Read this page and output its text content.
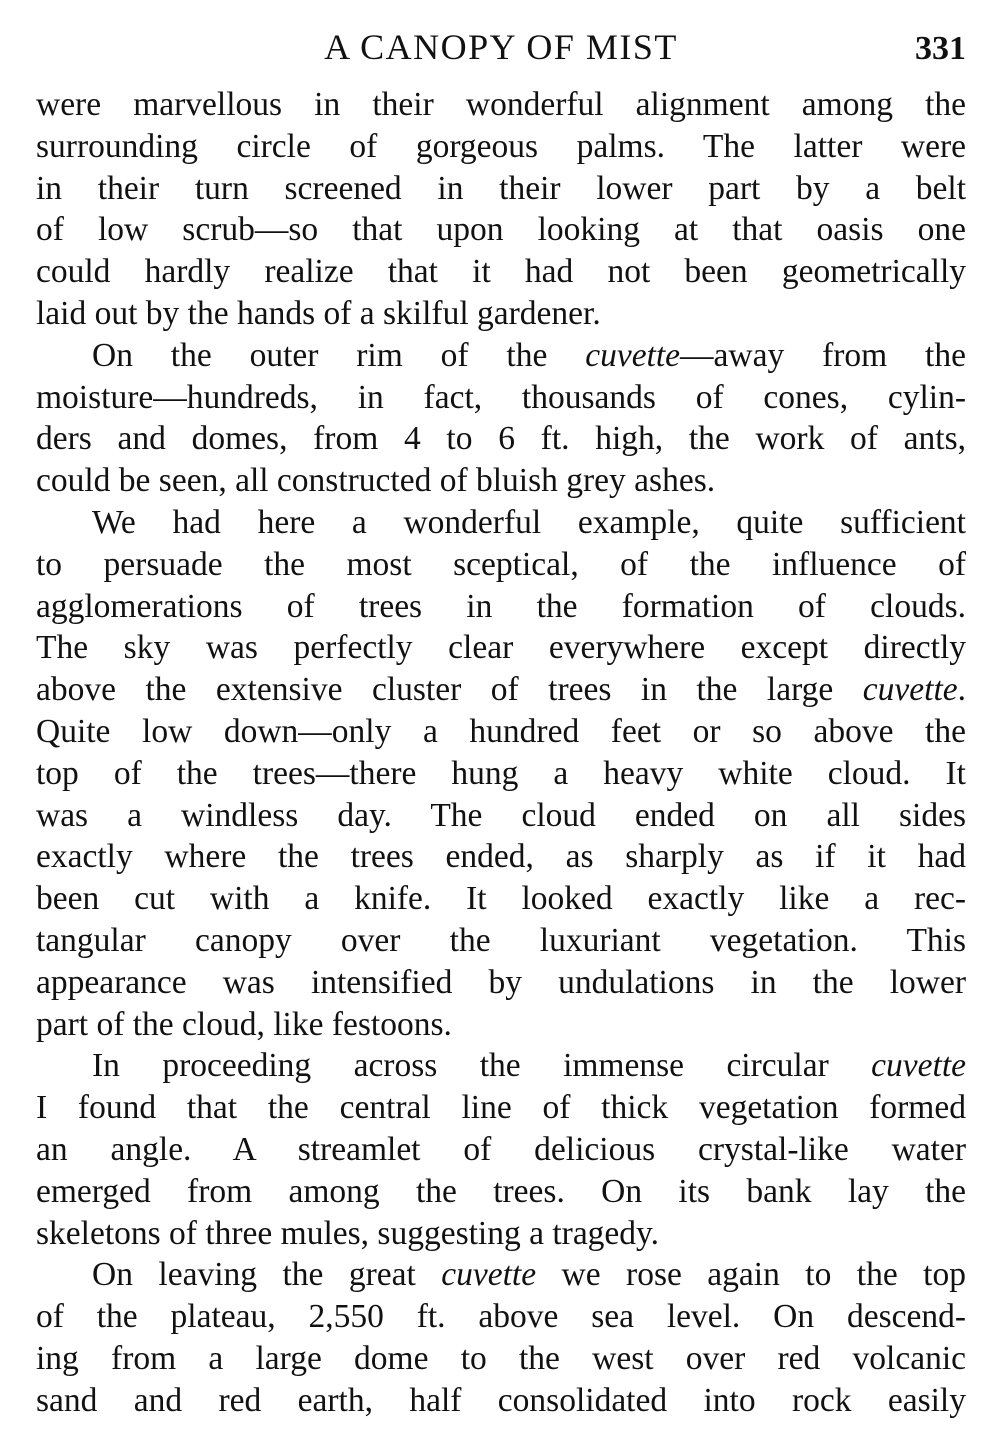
A CANOPY OF MIST	331
were marvellous in their wonderful alignment among the
surrounding circle of gorgeous palms. The latter were
in their turn screened in their lower part by a belt
of low scrub—so that upon looking at that oasis one
could hardly realize that it had not been geometrically
laid out by the hands of a skilful gardener.
On the outer rim of the cuvette—away from the
moisture—hundreds, in fact, thousands of cones, cylin-
ders and domes, from 4 to 6 ft. high, the work of ants,
could be seen, all constructed of bluish grey ashes.
We had here a wonderful example, quite sufficient
to persuade the most sceptical, of the influence of
agglomerations of trees in the formation of clouds.
The sky was perfectly clear everywhere except directly
above the extensive cluster of trees in the large cuvette.
Quite low down—only a hundred feet or so above the
top of the trees—there hung a heavy white cloud. It
was a windless day. The cloud ended on all sides
exactly where the trees ended, as sharply as if it had
been cut with a knife. It looked exactly like a rec-
tangular canopy over the luxuriant vegetation. This
appearance was intensified by undulations in the lower
part of the cloud, like festoons.
In proceeding across the immense circular cuvette
I found that the central line of thick vegetation formed
an angle. A streamlet of delicious crystal-like water
emerged from among the trees. On its bank lay the
skeletons of three mules, suggesting a tragedy.
On leaving the great cuvette we rose again to the top
of the plateau, 2,550 ft. above sea level. On descend-
ing from a large dome to the west over red volcanic
sand and red earth, half consolidated into rock easily
